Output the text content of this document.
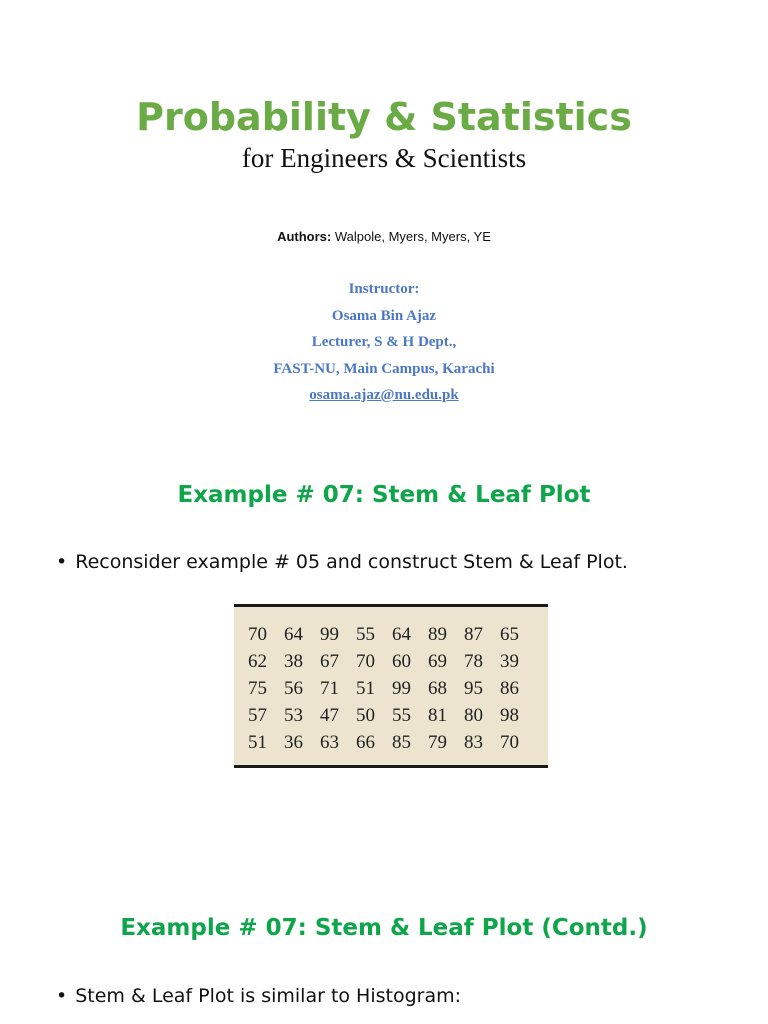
Probability & Statistics
for Engineers & Scientists
Authors: Walpole, Myers, Myers, YE
Instructor:
Osama Bin Ajaz
Lecturer, S & H Dept.,
FAST-NU, Main Campus, Karachi
osama.ajaz@nu.edu.pk
Example # 07: Stem & Leaf Plot
• Reconsider example # 05 and construct Stem & Leaf Plot.
70	64	99	55	64	89	87	65
62	38	67	70	60	69	78	39
75	56	71	51	99	68	95	86
57	53	47	50	55	81	80	98
51	36	63	66	85	79	83	70
Example # 07: Stem & Leaf Plot (Contd.)
• Stem & Leaf Plot is similar to Histogram:
